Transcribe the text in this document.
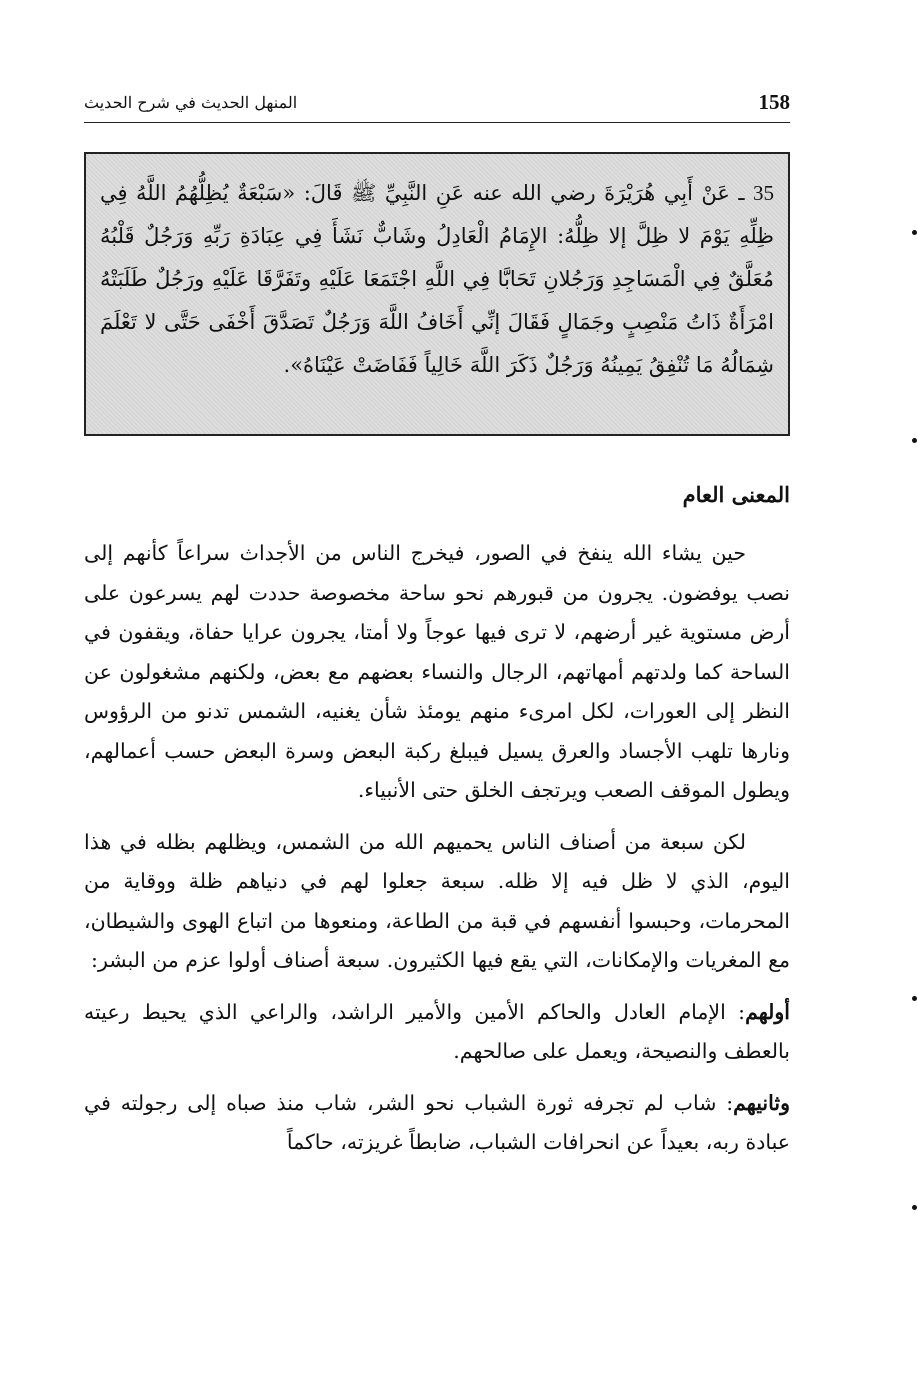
158
المنهل الحديث في شرح الحديث
35 ـ عَنْ أَبِي هُرَيْرَةَ رضي الله عنه عَنِ النَّبِيِّ ﷺ قَالَ: «سَبْعَةٌ يُظِلُّهُمُ اللَّهُ فِي ظِلِّهِ يَوْمَ لا ظِلَّ إلا ظِلُّهُ: الإِمَامُ الْعَادِلُ وشَابٌّ نَشَأَ فِي عِبَادَةِ رَبِّهِ وَرَجُلٌ قَلْبُهُ مُعَلَّقٌ فِي الْمَسَاجِدِ وَرَجُلانِ تَحَابَّا فِي اللَّهِ اجْتَمَعَا عَلَيْهِ وتَفَرَّقَا عَلَيْهِ ورَجُلٌ طَلَبَتْهُ امْرَأَةٌ ذَاتُ مَنْصِبٍ وجَمَالٍ فَقَالَ إنِّي أَخَافُ اللَّهَ وَرَجُلٌ تَصَدَّقَ أَخْفَى حَتَّى لا تَعْلَمَ شِمَالُهُ مَا تُنْفِقُ يَمِينُهُ وَرَجُلٌ ذَكَرَ اللَّهَ خَالِياً فَفَاضَتْ عَيْنَاهُ».
المعنى العام

حين يشاء الله ينفخ في الصور، فيخرج الناس من الأجداث سراعاً كأنهم إلى نصب يوفضون. يجرون من قبورهم نحو ساحة مخصوصة حددت لهم يسرعون على أرض مستوية غير أرضهم، لا ترى فيها عوجاً ولا أمتا، يجرون عرايا حفاة، ويقفون في الساحة كما ولدتهم أمهاتهم، الرجال والنساء بعضهم مع بعض، ولكنهم مشغولون عن النظر إلى العورات، لكل امرىء منهم يومئذ شأن يغنيه، الشمس تدنو من الرؤوس ونارها تلهب الأجساد والعرق يسيل فيبلغ ركبة البعض وسرة البعض حسب أعمالهم، ويطول الموقف الصعب ويرتجف الخلق حتى الأنبياء.

لكن سبعة من أصناف الناس يحميهم الله من الشمس، ويظلهم بظله في هذا اليوم، الذي لا ظل فيه إلا ظله. سبعة جعلوا لهم في دنياهم ظلة ووقاية من المحرمات، وحبسوا أنفسهم في قبة من الطاعة، ومنعوها من اتباع الهوى والشيطان، مع المغريات والإمكانات، التي يقع فيها الكثيرون. سبعة أصناف أولوا عزم من البشر:

أولهم: الإمام العادل والحاكم الأمين والأمير الراشد، والراعي الذي يحيط رعيته بالعطف والنصيحة، ويعمل على صالحهم.

وثانيهم: شاب لم تجرفه ثورة الشباب نحو الشر، شاب منذ صباه إلى رجولته في عبادة ربه، بعيداً عن انحرافات الشباب، ضابطاً غريزته، حاكماً
